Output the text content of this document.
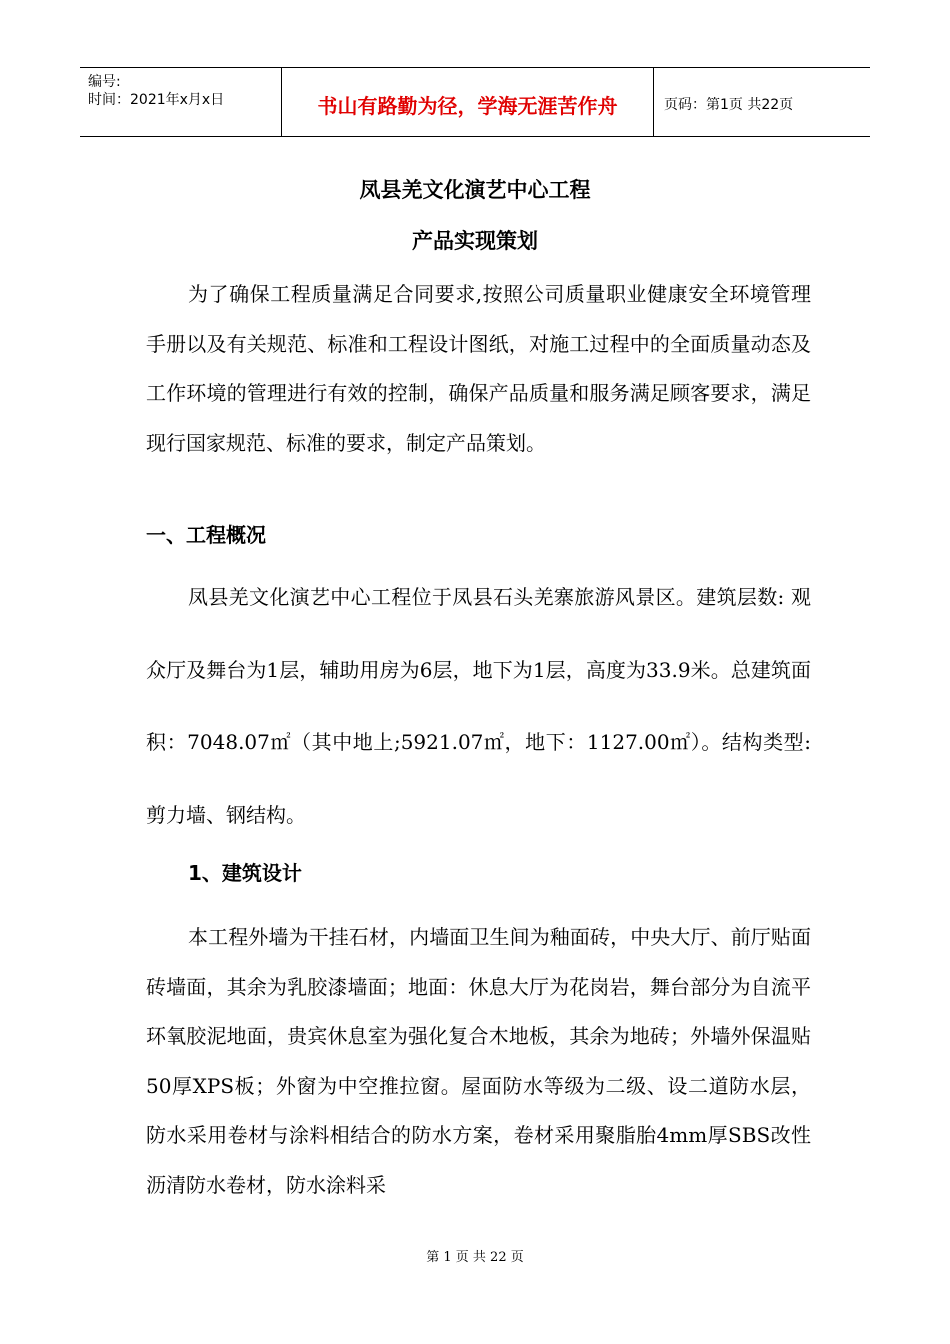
编号:
时间：2021年x月x日	书山有路勤为径，学海无涯苦作舟	页码：第1页 共22页
凤县羌文化演艺中心工程
产品实现策划

为了确保工程质量满足合同要求,按照公司质量职业健康安全环境管理手册以及有关规范、标准和工程设计图纸，对施工过程中的全面质量动态及工作环境的管理进行有效的控制，确保产品质量和服务满足顾客要求，满足现行国家规范、标准的要求，制定产品策划。

一、工程概况

凤县羌文化演艺中心工程位于凤县石头羌寨旅游风景区。建筑层数: 观众厅及舞台为1层，辅助用房为6层，地下为1层，高度为33.9米。总建筑面积：7048.07㎡（其中地上;5921.07㎡，地下：1127.00㎡）。结构类型:剪力墙、钢结构。

1、建筑设计

本工程外墙为干挂石材，内墙面卫生间为釉面砖，中央大厅、前厅贴面砖墙面，其余为乳胶漆墙面；地面：休息大厅为花岗岩，舞台部分为自流平环氧胶泥地面，贵宾休息室为强化复合木地板，其余为地砖；外墙外保温贴50厚XPS板；外窗为中空推拉窗。屋面防水等级为二级、设二道防水层，防水采用卷材与涂料相结合的防水方案，卷材采用聚脂胎4mm厚SBS改性沥清防水卷材，防水涂料采

第 1 页 共 22 页
